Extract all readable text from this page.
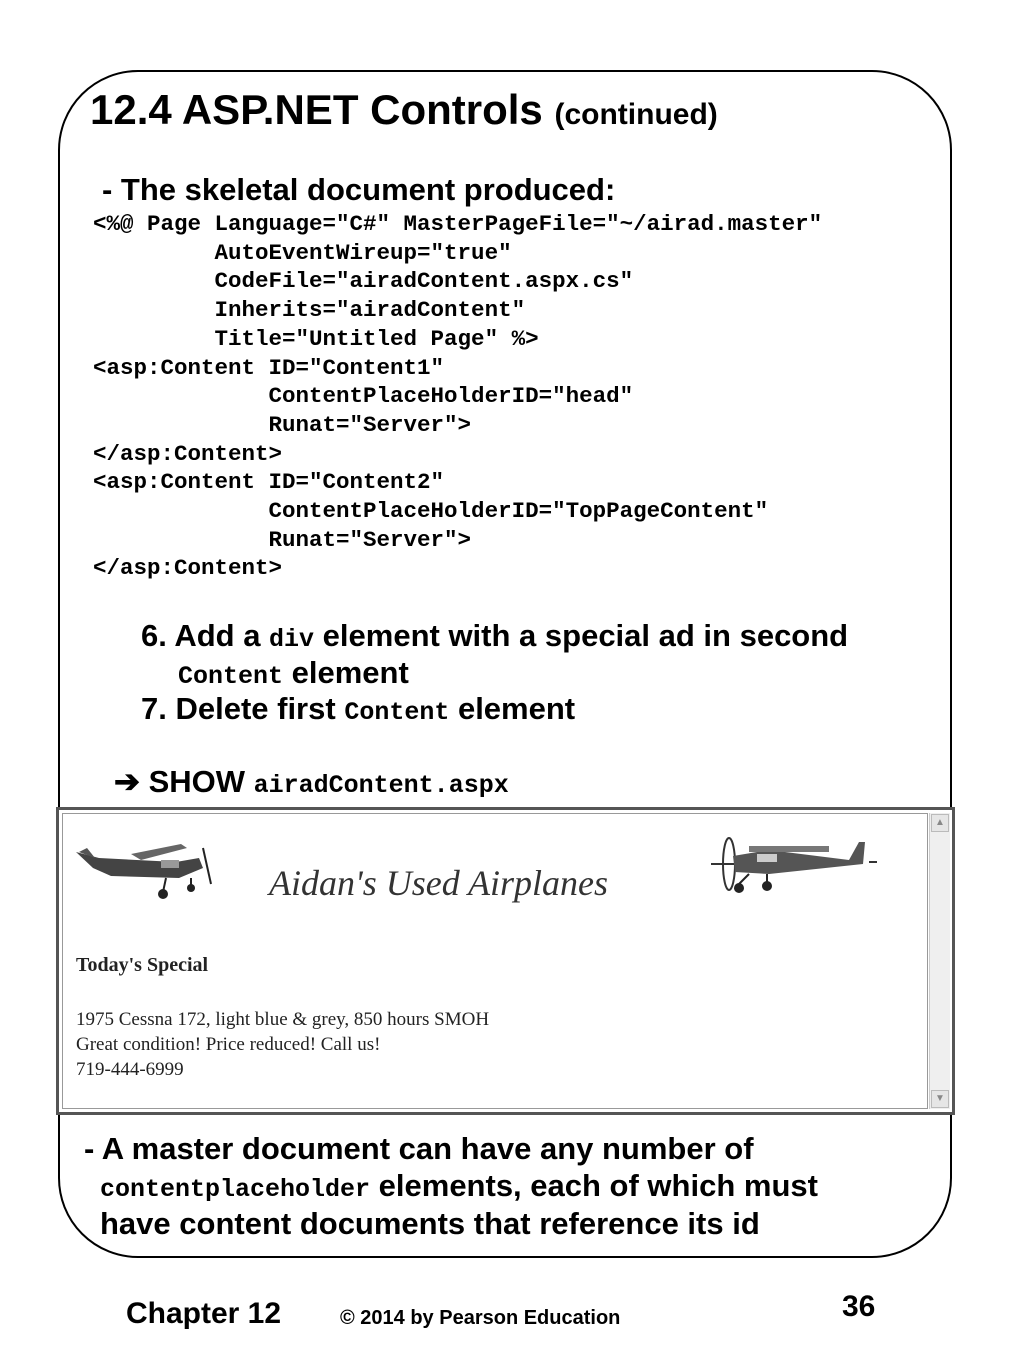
12.4 ASP.NET Controls (continued)
- The skeletal document produced:
<%@ Page Language="C#" MasterPageFile="~/airad.master"
AutoEventWireup="true"
CodeFile="airadContent.aspx.cs"
Inherits="airadContent"
Title="Untitled Page" %>
<asp:Content ID="Content1"
ContentPlaceHolderID="head"
Runat="Server">
</asp:Content>
<asp:Content ID="Content2"
ContentPlaceHolderID="TopPageContent"
Runat="Server">
</asp:Content>
6. Add a div element with a special ad in second
Content element
7. Delete first Content element
➔ SHOW airadContent.aspx
Aidan's Used Airplanes
Today's Special
1975 Cessna 172, light blue & grey, 850 hours SMOH
Great condition! Price reduced! Call us!
719-444-6999
▲
▼
- A master document can have any number of
contentplaceholder elements, each of which must
have content documents that reference its id
Chapter 12	© 2014 by Pearson Education	36
